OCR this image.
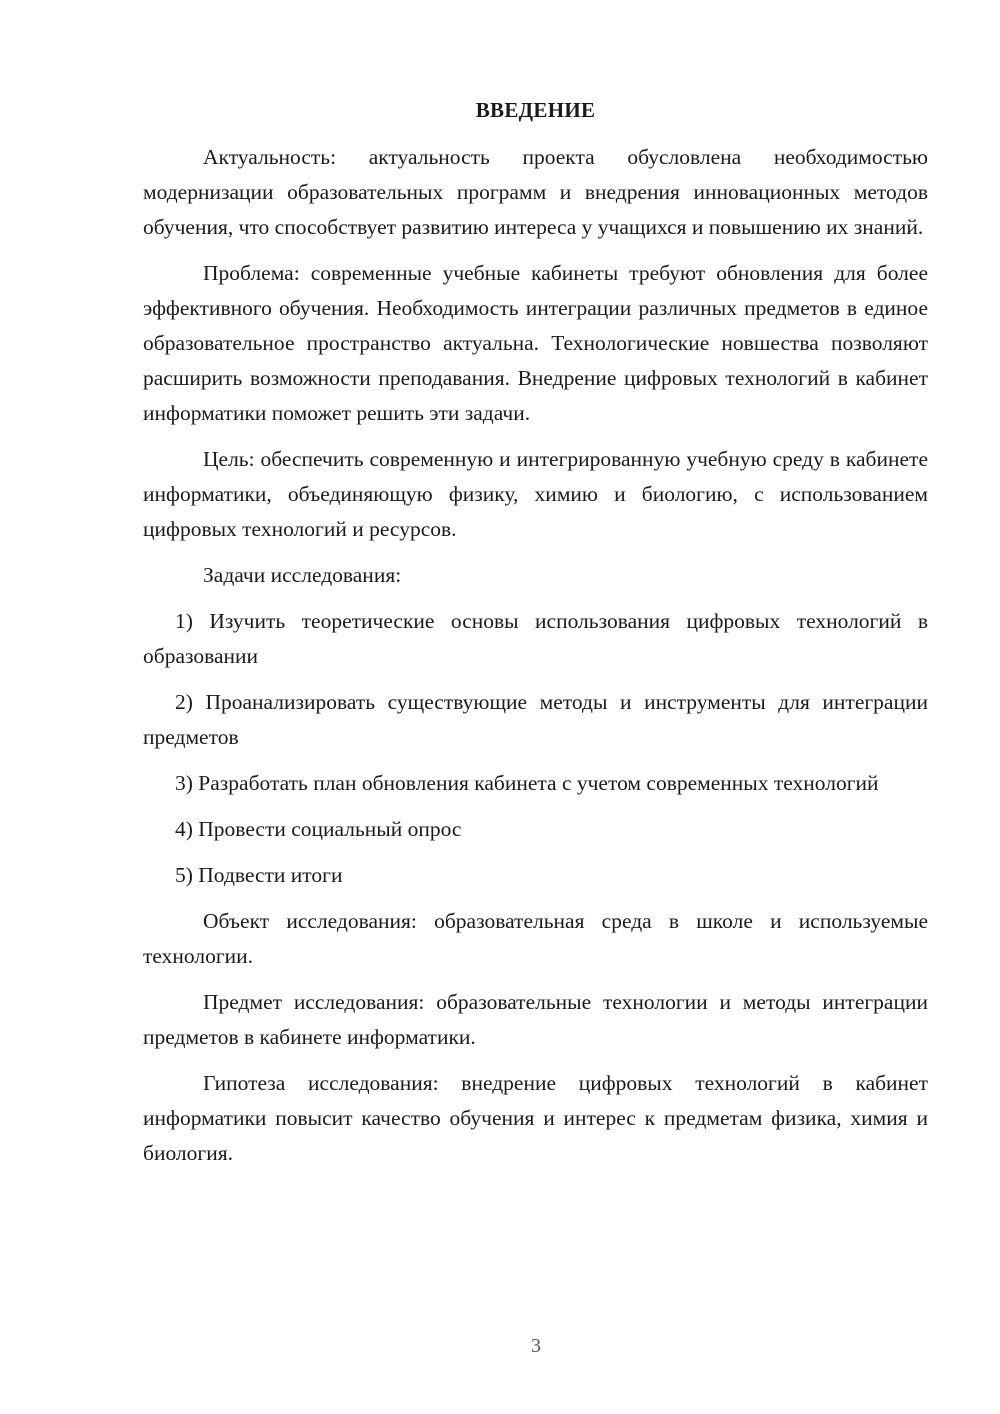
ВВЕДЕНИЕ

Актуальность: актуальность проекта обусловлена необходимостью модернизации образовательных программ и внедрения инновационных методов обучения, что способствует развитию интереса у учащихся и повышению их знаний.

Проблема: современные учебные кабинеты требуют обновления для более эффективного обучения. Необходимость интеграции различных предметов в единое образовательное пространство актуальна. Технологические новшества позволяют расширить возможности преподавания. Внедрение цифровых технологий в кабинет информатики поможет решить эти задачи.

Цель: обеспечить современную и интегрированную учебную среду в кабинете информатики, объединяющую физику, химию и биологию, с использованием цифровых технологий и ресурсов.

Задачи исследования:

1) Изучить теоретические основы использования цифровых технологий в образовании

2) Проанализировать существующие методы и инструменты для интеграции предметов

3) Разработать план обновления кабинета с учетом современных технологий

4) Провести социальный опрос

5) Подвести итоги

Объект исследования: образовательная среда в школе и используемые технологии.

Предмет исследования: образовательные технологии и методы интеграции предметов в кабинете информатики.

Гипотеза исследования: внедрение цифровых технологий в кабинет информатики повысит качество обучения и интерес к предметам физика, химия и биология.

3
